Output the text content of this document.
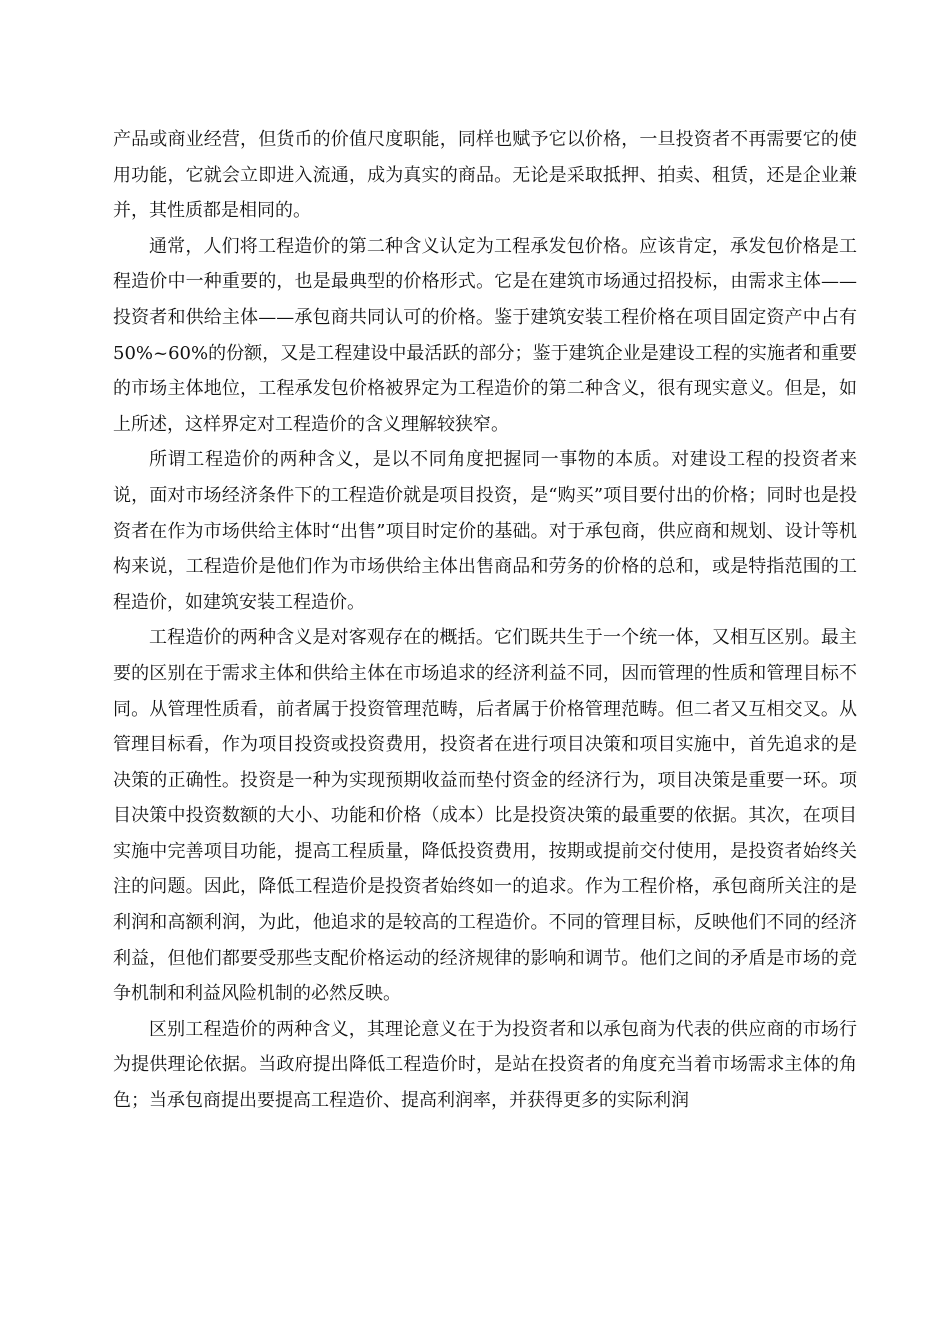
产品或商业经营，但货币的价值尺度职能，同样也赋予它以价格，一旦投资者不再需要它的使用功能，它就会立即进入流通，成为真实的商品。无论是采取抵押、拍卖、租赁，还是企业兼并，其性质都是相同的。

通常，人们将工程造价的第二种含义认定为工程承发包价格。应该肯定，承发包价格是工程造价中一种重要的，也是最典型的价格形式。它是在建筑市场通过招投标，由需求主体——投资者和供给主体——承包商共同认可的价格。鉴于建筑安装工程价格在项目固定资产中占有50%~60%的份额，又是工程建设中最活跃的部分；鉴于建筑企业是建设工程的实施者和重要的市场主体地位，工程承发包价格被界定为工程造价的第二种含义，很有现实意义。但是，如上所述，这样界定对工程造价的含义理解较狭窄。

所谓工程造价的两种含义，是以不同角度把握同一事物的本质。对建设工程的投资者来说，面对市场经济条件下的工程造价就是项目投资，是“购买”项目要付出的价格；同时也是投资者在作为市场供给主体时“出售”项目时定价的基础。对于承包商，供应商和规划、设计等机构来说，工程造价是他们作为市场供给主体出售商品和劳务的价格的总和，或是特指范围的工程造价，如建筑安装工程造价。

工程造价的两种含义是对客观存在的概括。它们既共生于一个统一体，又相互区别。最主要的区别在于需求主体和供给主体在市场追求的经济利益不同，因而管理的性质和管理目标不同。从管理性质看，前者属于投资管理范畴，后者属于价格管理范畴。但二者又互相交叉。从管理目标看，作为项目投资或投资费用，投资者在进行项目决策和项目实施中，首先追求的是决策的正确性。投资是一种为实现预期收益而垫付资金的经济行为，项目决策是重要一环。项目决策中投资数额的大小、功能和价格（成本）比是投资决策的最重要的依据。其次，在项目实施中完善项目功能，提高工程质量，降低投资费用，按期或提前交付使用，是投资者始终关注的问题。因此，降低工程造价是投资者始终如一的追求。作为工程价格，承包商所关注的是利润和高额利润，为此，他追求的是较高的工程造价。不同的管理目标，反映他们不同的经济利益，但他们都要受那些支配价格运动的经济规律的影响和调节。他们之间的矛盾是市场的竞争机制和利益风险机制的必然反映。

区别工程造价的两种含义，其理论意义在于为投资者和以承包商为代表的供应商的市场行为提供理论依据。当政府提出降低工程造价时，是站在投资者的角度充当着市场需求主体的角色；当承包商提出要提高工程造价、提高利润率，并获得更多的实际利润
